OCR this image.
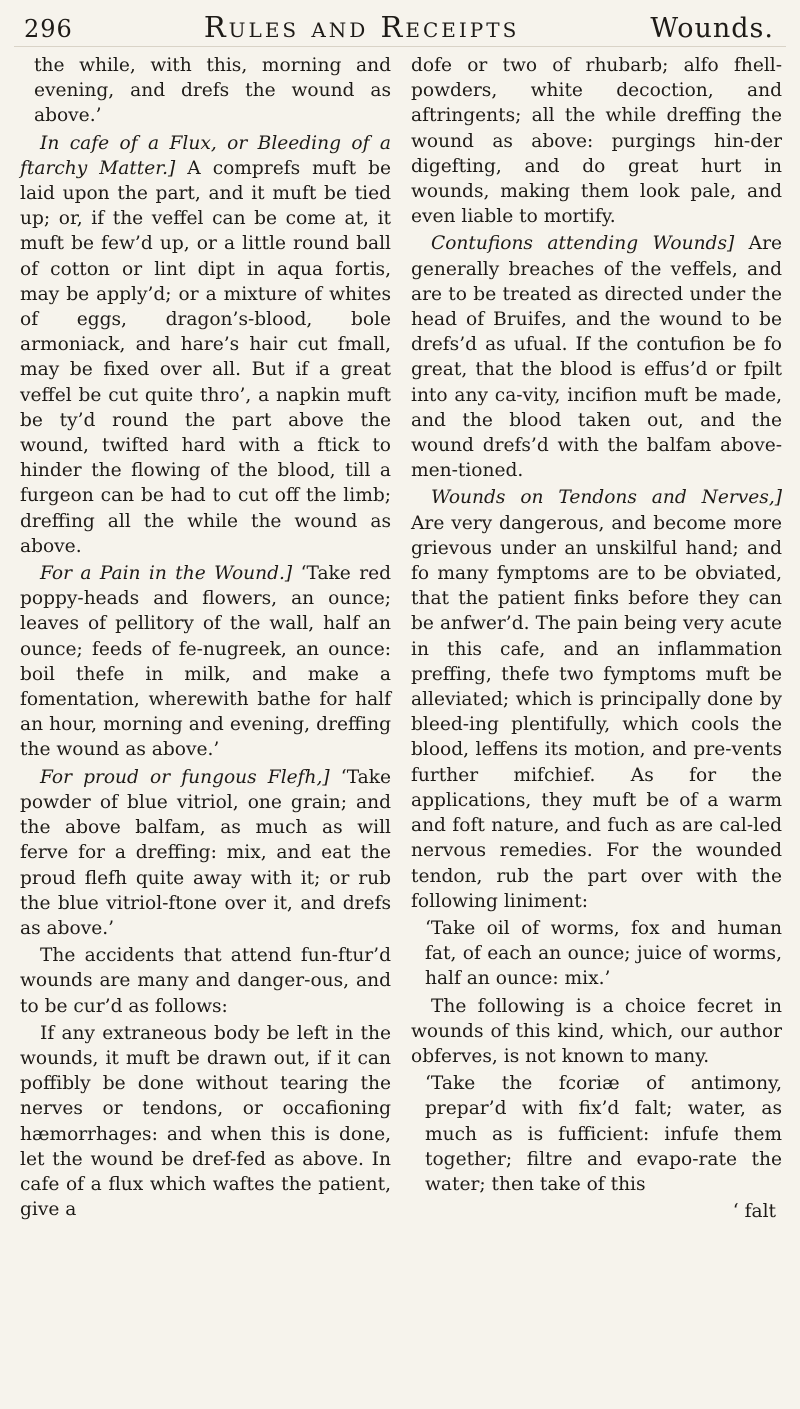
296	Rules and Receipts	Wounds.

the while, with this, morning and evening, and drefs the wound as above.’

In cafe of a Flux, or Bleeding of a ftarchy Matter.] A comprefs muft be laid upon the part, and it muft be tied up; or, if the veffel can be come at, it muft be few’d up, or a little round ball of cotton or lint dipt in aqua fortis, may be apply’d; or a mixture of whites of eggs, dragon’s-blood, bole armoniack, and hare’s hair cut fmall, may be fixed over all. But if a great veffel be cut quite thro’, a napkin muft be ty’d round the part above the wound, twifted hard with a ftick to hinder the flowing of the blood, till a furgeon can be had to cut off the limb; dreffing all the while the wound as above.

For a Pain in the Wound.] ‘Take red poppy-heads and flowers, an ounce; leaves of pellitory of the wall, half an ounce; feeds of fe-nugreek, an ounce: boil thefe in milk, and make a fomentation, wherewith bathe for half an hour, morning and evening, dreffing the wound as above.’

For proud or fungous Flefh,] ‘Take powder of blue vitriol, one grain; and the above balfam, as much as will ferve for a dreffing: mix, and eat the proud flefh quite away with it; or rub the blue vitriol-ftone over it, and drefs as above.’

The accidents that attend fun-ftur’d wounds are many and danger-ous, and to be cur’d as follows:

If any extraneous body be left in the wounds, it muft be drawn out, if it can poffibly be done without tearing the nerves or tendons, or occafioning hæmorrhages: and when this is done, let the wound be dref-fed as above. In cafe of a flux which waftes the patient, give a

dofe or two of rhubarb; alfo fhell-powders, white decoction, and aftringents; all the while dreffing the wound as above: purgings hin-der digefting, and do great hurt in wounds, making them look pale, and even liable to mortify.

Contufions attending Wounds] Are generally breaches of the veffels, and are to be treated as directed under the head of Bruifes, and the wound to be drefs’d as ufual. If the contufion be fo great, that the blood is effus’d or fpilt into any ca-vity, incifion muft be made, and the blood taken out, and the wound drefs’d with the balfam above-men-tioned.

Wounds on Tendons and Nerves,] Are very dangerous, and become more grievous under an unskilful hand; and fo many fymptoms are to be obviated, that the patient finks before they can be anfwer’d. The pain being very acute in this cafe, and an inflammation preffing, thefe two fymptoms muft be alleviated; which is principally done by bleed-ing plentifully, which cools the blood, leffens its motion, and pre-vents further mifchief. As for the applications, they muft be of a warm and foft nature, and fuch as are cal-led nervous remedies. For the wounded tendon, rub the part over with the following liniment:

‘Take oil of worms, fox and human fat, of each an ounce; juice of worms, half an ounce: mix.’

The following is a choice fecret in wounds of this kind, which, our author obferves, is not known to many.

‘Take the fcoriæ of antimony, prepar’d with fix’d falt; water, as much as is fufficient: infufe them together; filtre and evapo-rate the water; then take of this

‘ falt
